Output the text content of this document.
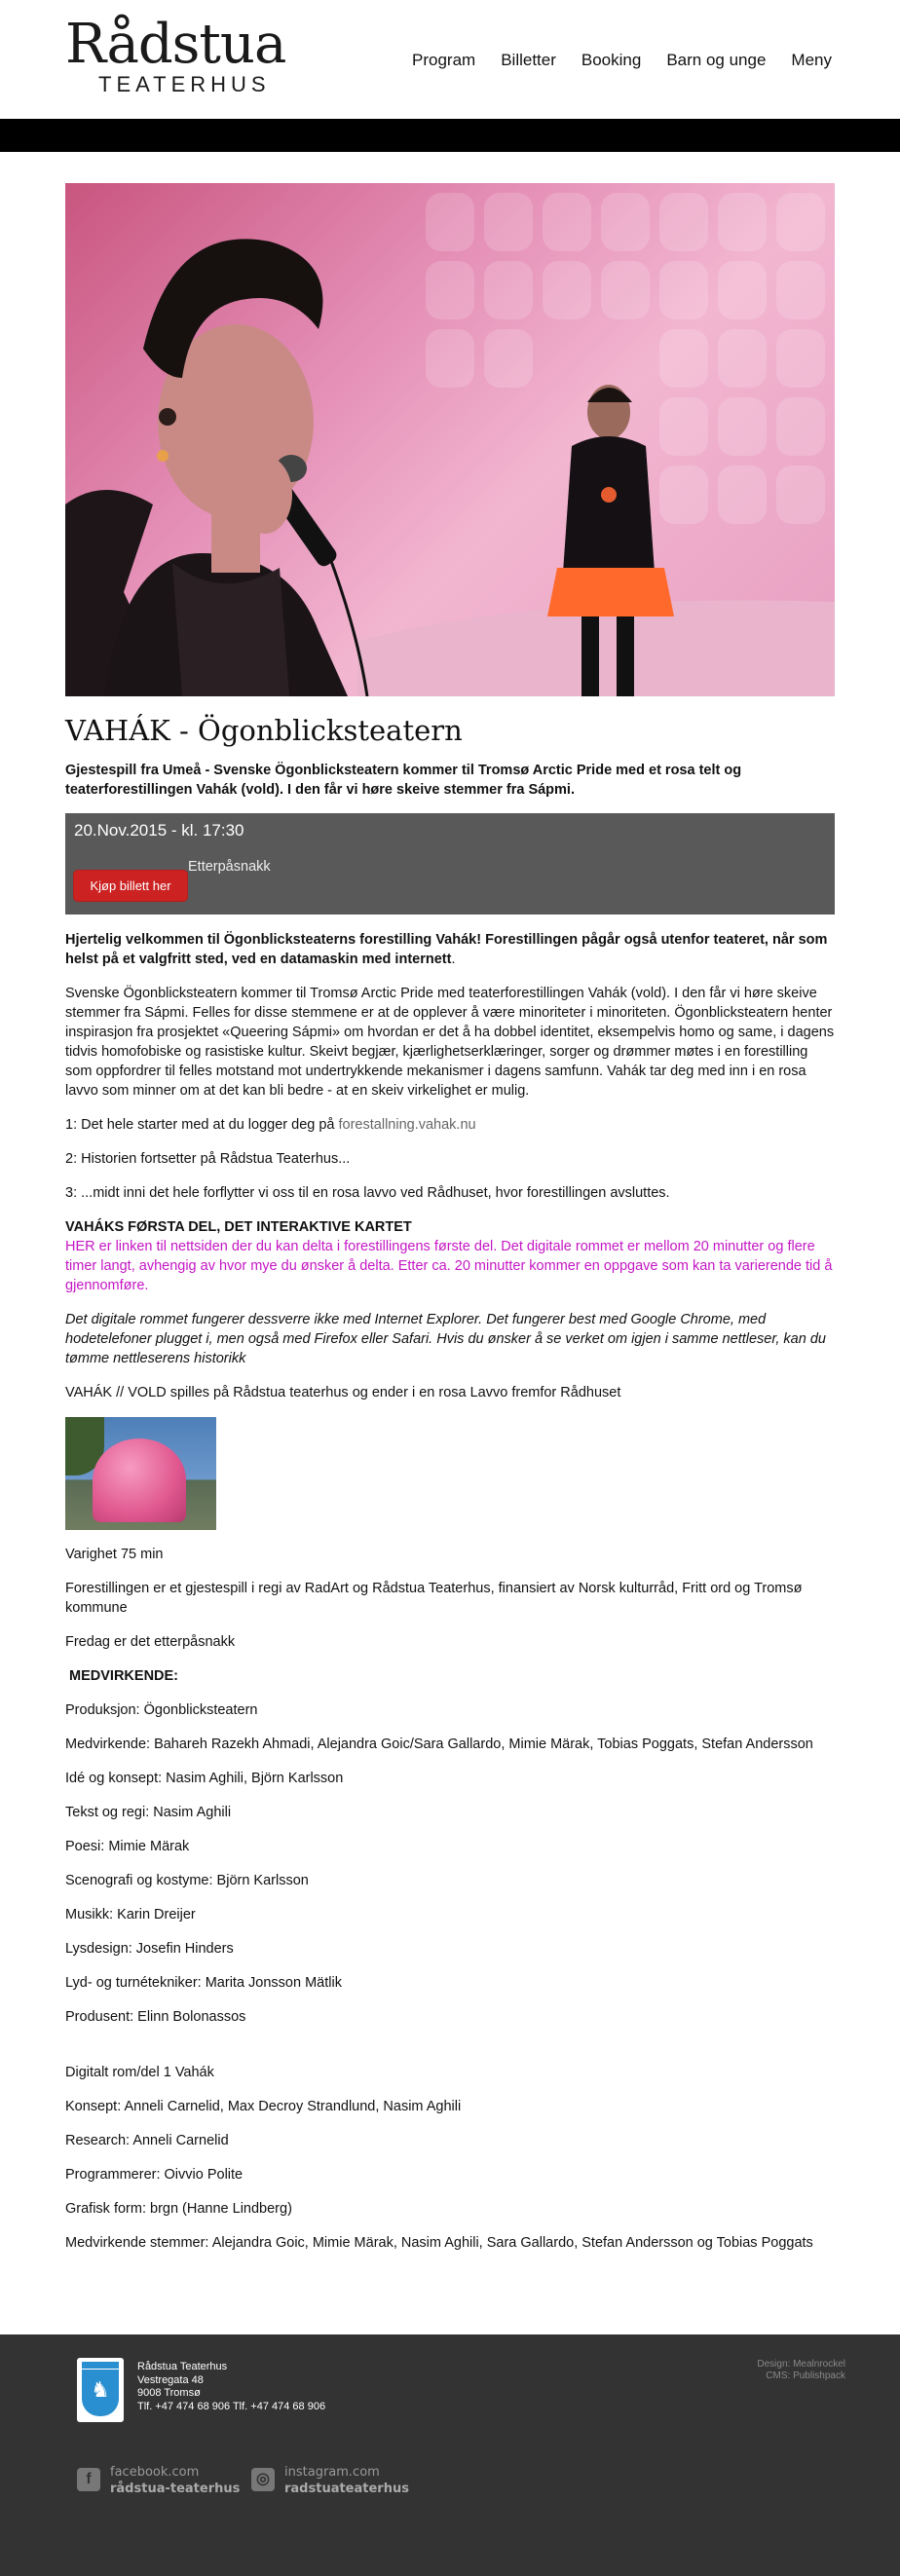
Rådstua
TEATERHUS
Program Billetter Booking Barn og unge Meny
VAHÁK - Ögonblicksteatern

Gjestespill fra Umeå - Svenske Ögonblicksteatern kommer til Tromsø Arctic Pride med et rosa telt og teaterforestillingen Vahák (vold). I den får vi høre skeive stemmer fra Sápmi.

20.Nov.2015 - kl. 17:30
Kjøp billett her
Etterpåsnakk

Hjertelig velkommen til Ögonblicksteaterns forestilling Vahák! Forestillingen pågår også utenfor teateret, når som helst på et valgfritt sted, ved en datamaskin med internett.

Svenske Ögonblicksteatern kommer til Tromsø Arctic Pride med teaterforestillingen Vahák (vold). I den får vi høre skeive stemmer fra Sápmi. Felles for disse stemmene er at de opplever å være minoriteter i minoriteten. Ögonblicksteatern henter inspirasjon fra prosjektet «Queering Sápmi» om hvordan er det å ha dobbel identitet, eksempelvis homo og same, i dagens tidvis homofobiske og rasistiske kultur. Skeivt begjær, kjærlighetserklæringer, sorger og drømmer møtes i en forestilling som oppfordrer til felles motstand mot undertrykkende mekanismer i dagens samfunn. Vahák tar deg med inn i en rosa lavvo som minner om at det kan bli bedre - at en skeiv virkelighet er mulig.

1: Det hele starter med at du logger deg på forestallning.vahak.nu

2: Historien fortsetter på Rådstua Teaterhus...

3: ...midt inni det hele forflytter vi oss til en rosa lavvo ved Rådhuset, hvor forestillingen avsluttes.

VAHÁKS FØRSTA DEL, DET INTERAKTIVE KARTET

HER er linken til nettsiden der du kan delta i forestillingens første del. Det digitale rommet er mellom 20 minutter og flere timer langt, avhengig av hvor mye du ønsker å delta. Etter ca. 20 minutter kommer en oppgave som kan ta varierende tid å gjennomføre.

Det digitale rommet fungerer dessverre ikke med Internet Explorer. Det fungerer best med Google Chrome, med hodetelefoner plugget i, men også med Firefox eller Safari. Hvis du ønsker å se verket om igjen i samme nettleser, kan du tømme nettleserens historikk

VAHÁK // VOLD spilles på Rådstua teaterhus og ender i en rosa Lavvo fremfor Rådhuset

Varighet 75 min

Forestillingen er et gjestespill i regi av RadArt og Rådstua Teaterhus, finansiert av Norsk kulturråd, Fritt ord og Tromsø kommune

Fredag er det etterpåsnakk

MEDVIRKENDE:

Produksjon: Ögonblicksteatern

Medvirkende: Bahareh Razekh Ahmadi, Alejandra Goic/Sara Gallardo, Mimie Märak, Tobias Poggats, Stefan Andersson

Idé og konsept: Nasim Aghili, Björn Karlsson

Tekst og regi: Nasim Aghili

Poesi: Mimie Märak

Scenografi og kostyme: Björn Karlsson

Musikk: Karin Dreijer

Lysdesign: Josefin Hinders

Lyd- og turnétekniker: Marita Jonsson Mätlik

Produsent: Elinn Bolonassos

Digitalt rom/del 1 Vahák

Konsept: Anneli Carnelid, Max Decroy Strandlund, Nasim Aghili

Research: Anneli Carnelid

Programmerer: Oivvio Polite

Grafisk form: brgn (Hanne Lindberg)

Medvirkende stemmer: Alejandra Goic, Mimie Märak, Nasim Aghili, Sara Gallardo, Stefan Andersson og Tobias Poggats

♞
Rådstua Teaterhus
Vestregata 48
9008 Tromsø
Tlf. +47 474 68 906 Tlf. +47 474 68 906
Design: Mealnrockel
CMS: Publishpack
f	facebook.com
rådstua-teaterhus
◎	instagram.com
radstuateaterhus
